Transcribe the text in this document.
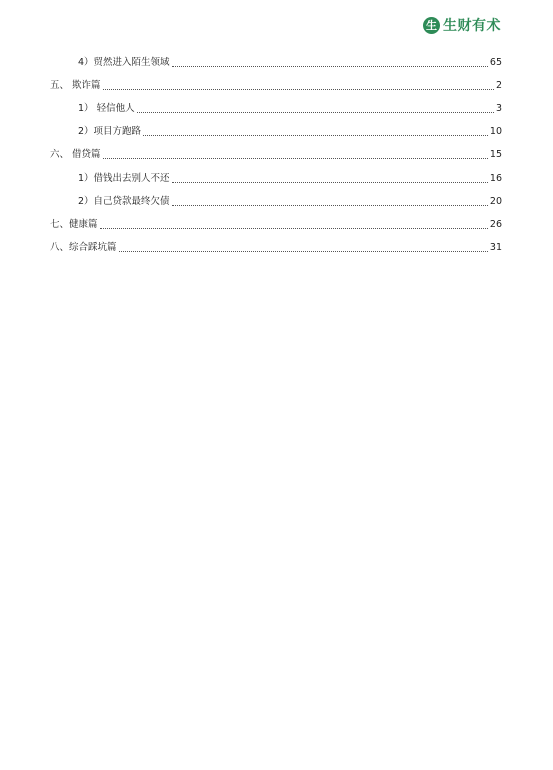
生 生财有术
4）贸然进入陌生领域	65
五、 欺诈篇	2
1） 轻信他人	3
2）项目方跑路	10
六、 借贷篇	15
1）借钱出去别人不还	16
2）自己贷款最终欠债	20
七、健康篇	26
八、综合踩坑篇	31
